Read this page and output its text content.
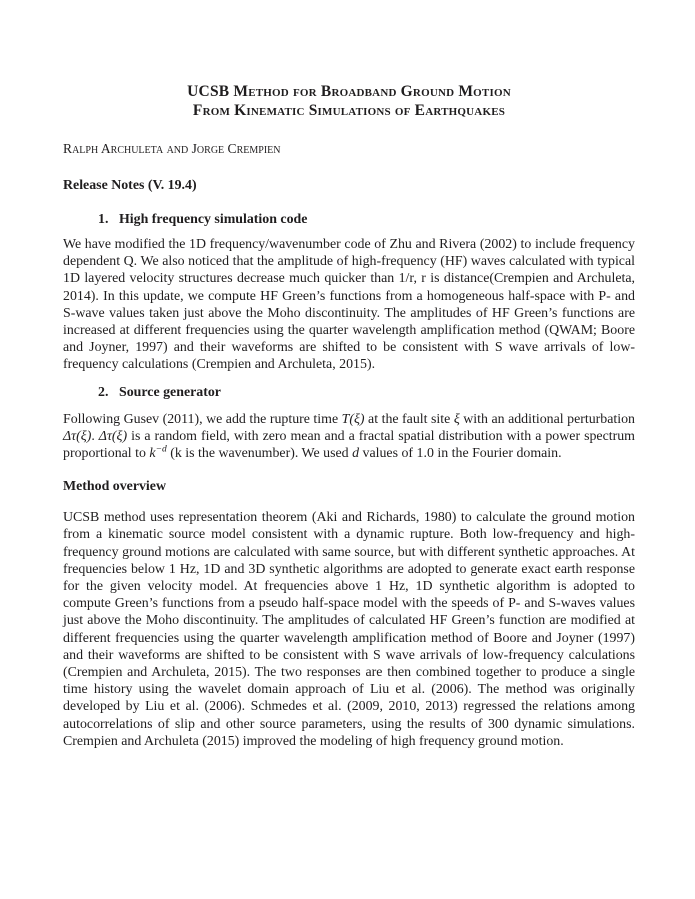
UCSB Method for Broadband Ground Motion
From Kinematic Simulations of Earthquakes
Ralph Archuleta and Jorge Crempien
Release Notes (V. 19.4)
1. High frequency simulation code

We have modified the 1D frequency/wavenumber code of Zhu and Rivera (2002) to include frequency dependent Q. We also noticed that the amplitude of high-frequency (HF) waves calculated with typical 1D layered velocity structures decrease much quicker than 1/r, r is distance(Crempien and Archuleta, 2014). In this update, we compute HF Green’s functions from a homogeneous half-space with P- and S-wave values taken just above the Moho discontinuity. The amplitudes of HF Green’s functions are increased at different frequencies using the quarter wavelength amplification method (QWAM; Boore and Joyner, 1997) and their waveforms are shifted to be consistent with S wave arrivals of low-frequency calculations (Crempien and Archuleta, 2015).

2. Source generator

Following Gusev (2011), we add the rupture time T(ξ) at the fault site ξ with an additional perturbation Δτ(ξ). Δτ(ξ) is a random field, with zero mean and a fractal spatial distribution with a power spectrum proportional to $k^{-d}$ (k is the wavenumber). We used d values of 1.0 in the Fourier domain.

Method overview

UCSB method uses representation theorem (Aki and Richards, 1980) to calculate the ground motion from a kinematic source model consistent with a dynamic rupture. Both low-frequency and high-frequency ground motions are calculated with same source, but with different synthetic approaches. At frequencies below 1 Hz, 1D and 3D synthetic algorithms are adopted to generate exact earth response for the given velocity model. At frequencies above 1 Hz, 1D synthetic algorithm is adopted to compute Green’s functions from a pseudo half-space model with the speeds of P- and S-waves values just above the Moho discontinuity. The amplitudes of calculated HF Green’s function are modified at different frequencies using the quarter wavelength amplification method of Boore and Joyner (1997) and their waveforms are shifted to be consistent with S wave arrivals of low-frequency calculations (Crempien and Archuleta, 2015). The two responses are then combined together to produce a single time history using the wavelet domain approach of Liu et al. (2006). The method was originally developed by Liu et al. (2006). Schmedes et al. (2009, 2010, 2013) regressed the relations among autocorrelations of slip and other source parameters, using the results of 300 dynamic simulations. Crempien and Archuleta (2015) improved the modeling of high frequency ground motion.
